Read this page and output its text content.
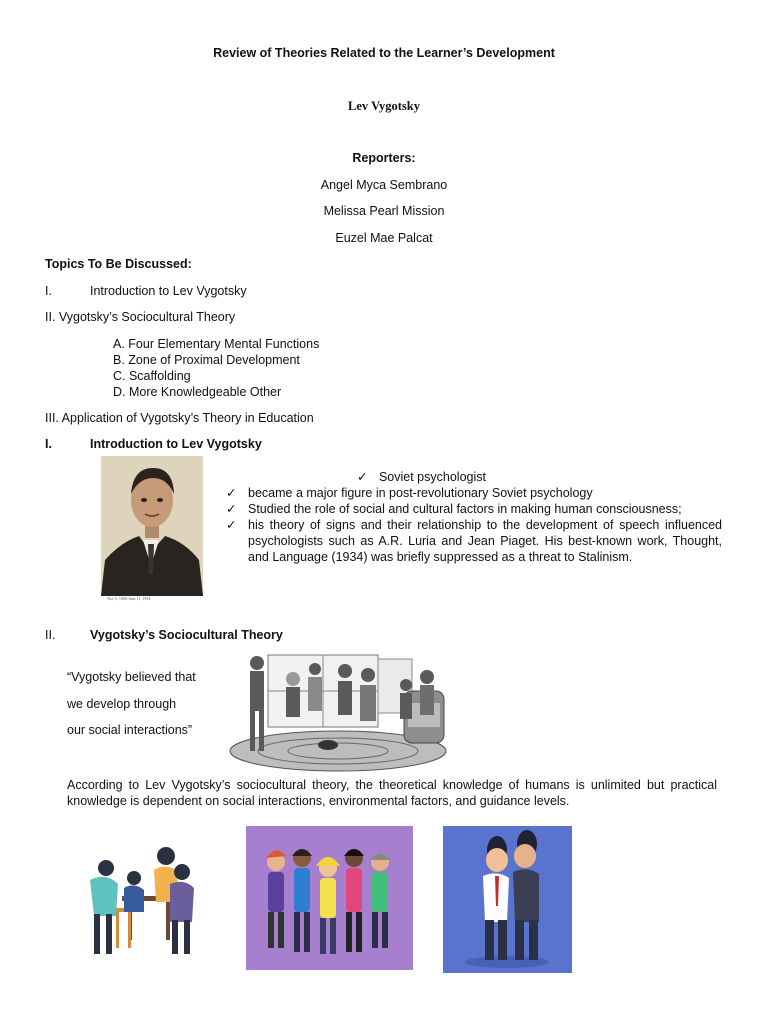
Review of Theories Related to the Learner’s Development
Lev Vygotsky
Reporters:
Angel Myca Sembrano
Melissa Pearl Mission
Euzel Mae Palcat
Topics To Be Discussed:
I.	Introduction to Lev Vygotsky
II. Vygotsky’s Sociocultural Theory
A. Four Elementary Mental Functions
B. Zone of Proximal Development
C. Scaffolding
D. More Knowledgeable Other
III. Application of Vygotsky’s Theory in Education
I.	Introduction to Lev Vygotsky
Nov 5, 1896-June 11, 1934
✓ Soviet psychologist
✓ became a major figure in post-revolutionary Soviet psychology
✓ Studied the role of social and cultural factors in making human consciousness;
✓ his theory of signs and their relationship to the development of speech influenced psychologists such as A.R. Luria and Jean Piaget. His best-known work, Thought, and Language (1934) was briefly suppressed as a threat to Stalinism.
II.	Vygotsky’s Sociocultural Theory
“Vygotsky believed that
we develop through
our social interactions”
According to Lev Vygotsky’s sociocultural theory, the theoretical knowledge of humans is unlimited but practical knowledge is dependent on social interactions, environmental factors, and guidance levels.
